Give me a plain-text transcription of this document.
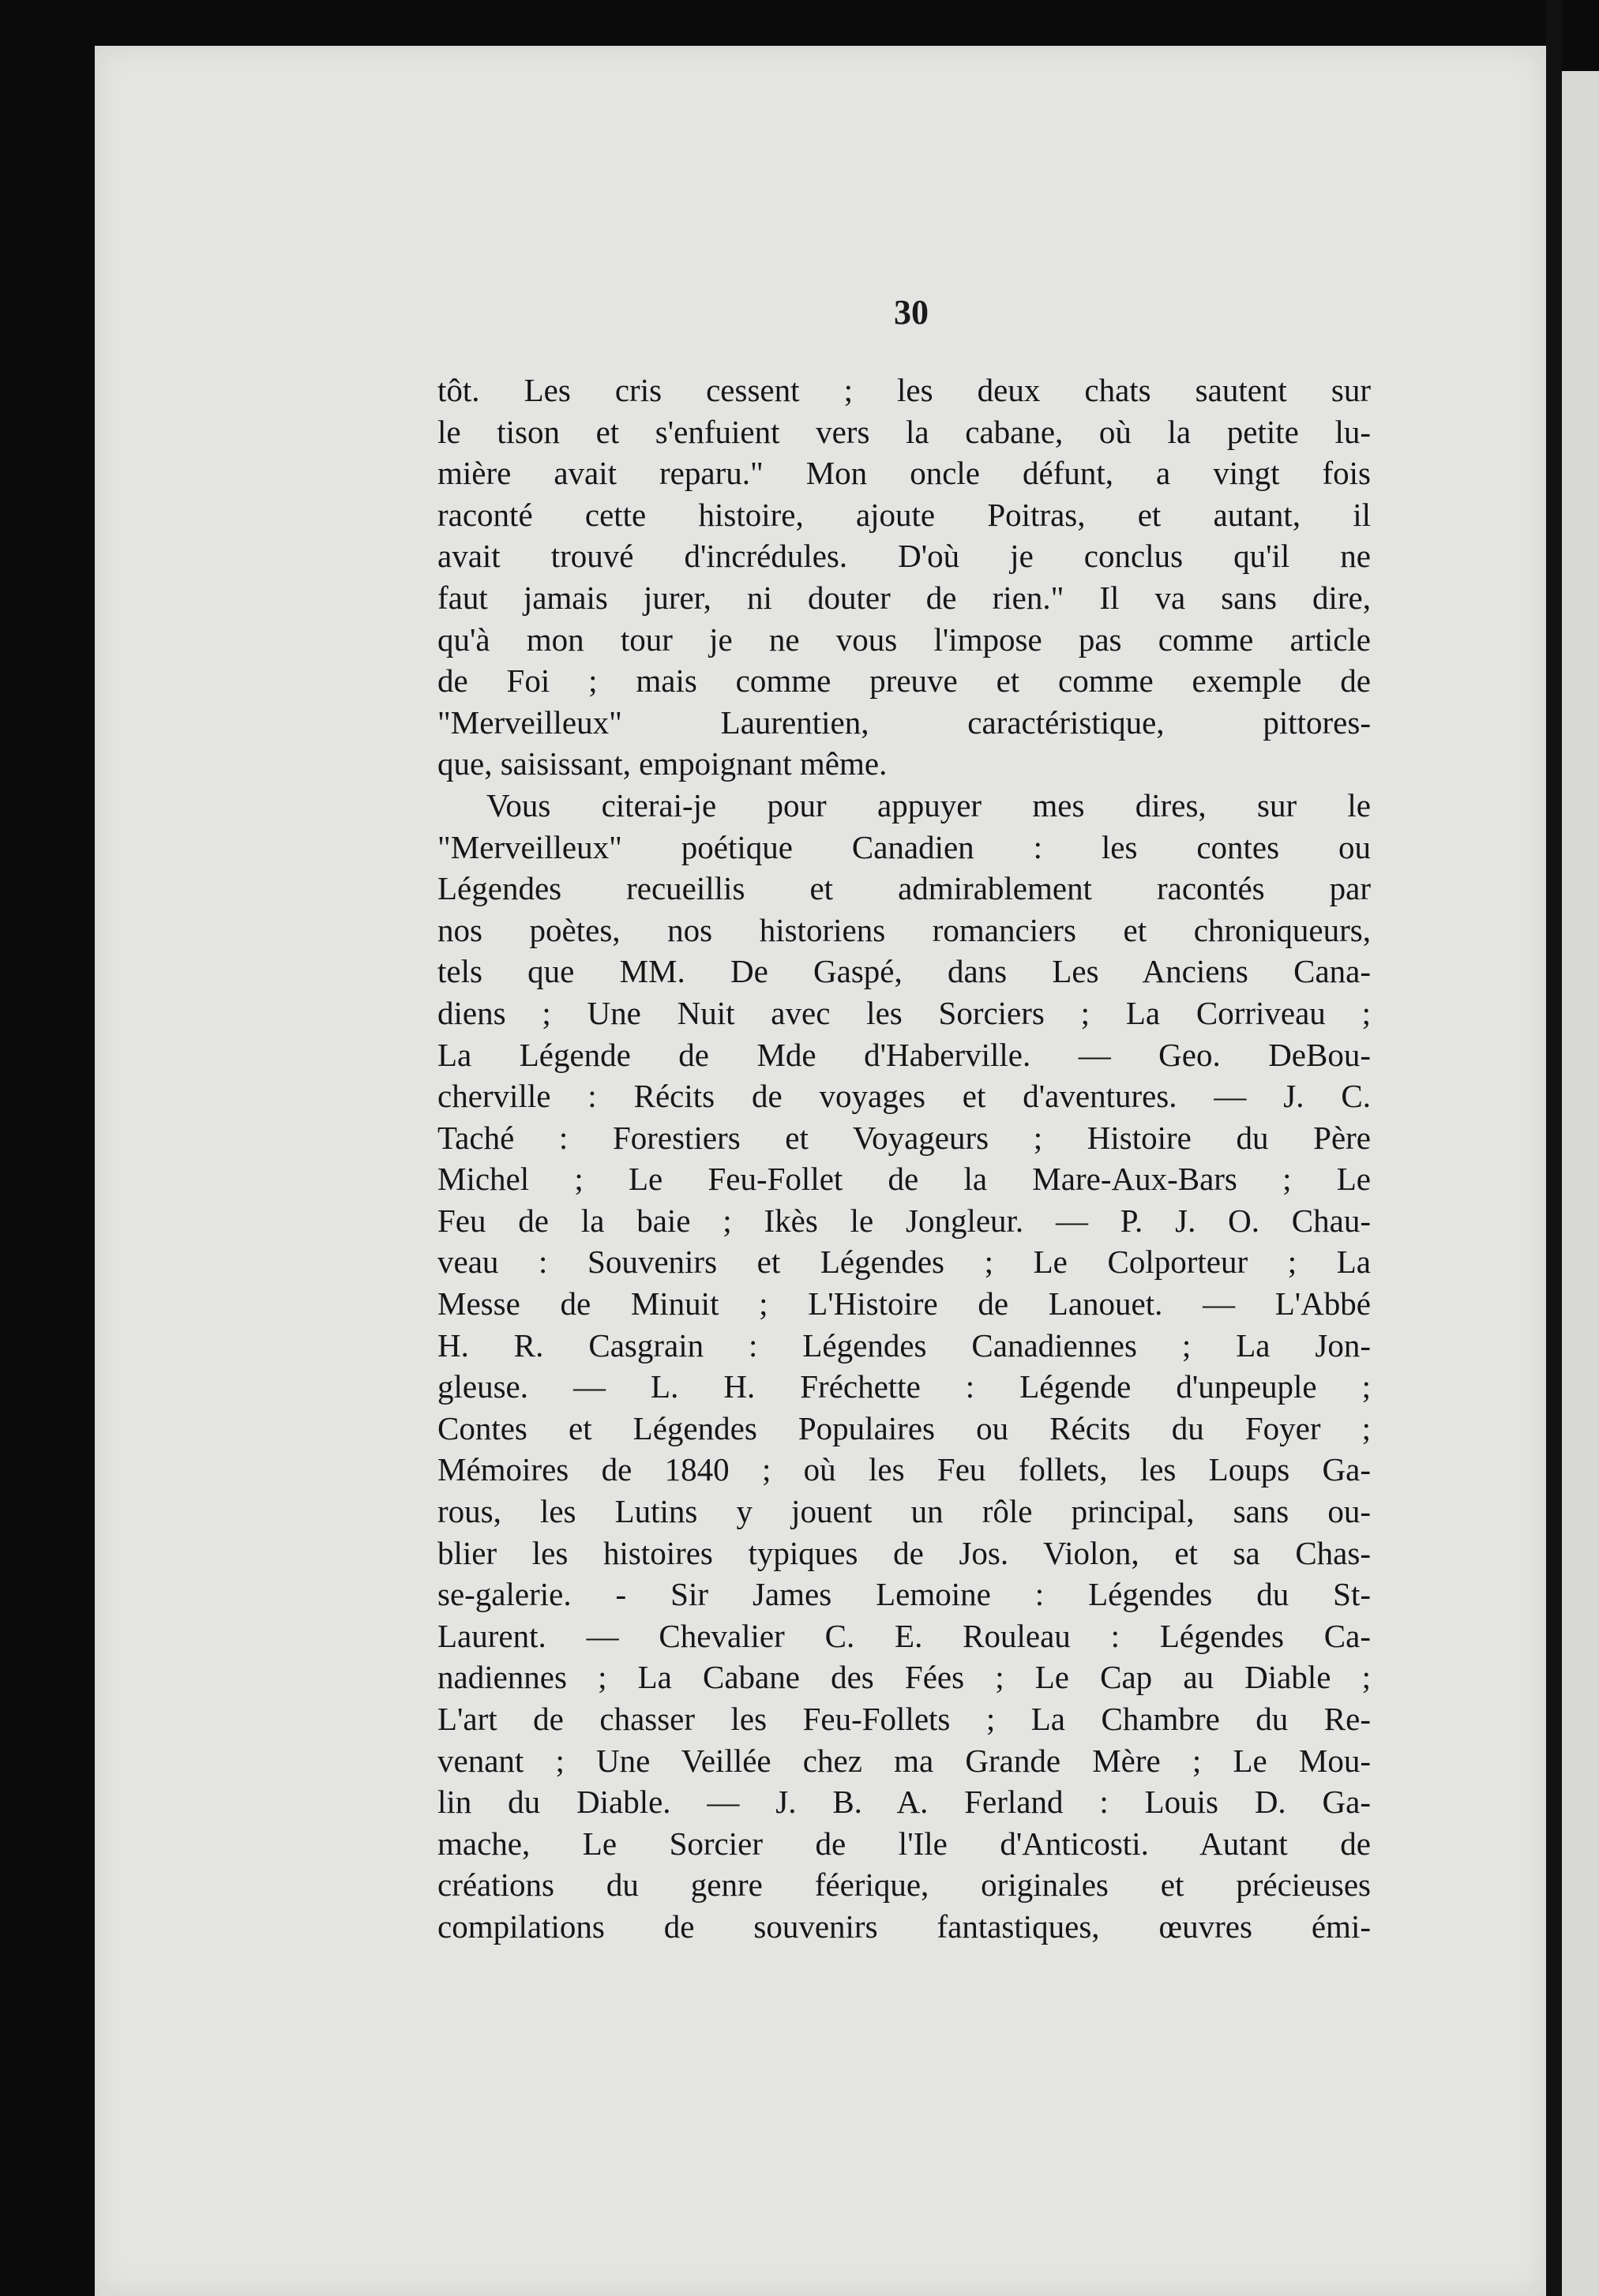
30
tôt. Les cris cessent ; les deux chats sautent sur
le tison et s'enfuient vers la cabane, où la petite lu-
mière avait reparu." Mon oncle défunt, a vingt fois
raconté cette histoire, ajoute Poitras, et autant, il
avait trouvé d'incrédules. D'où je conclus qu'il ne
faut jamais jurer, ni douter de rien." Il va sans dire,
qu'à mon tour je ne vous l'impose pas comme article
de Foi ; mais comme preuve et comme exemple de
"Merveilleux" Laurentien, caractéristique, pittores-
que, saisissant, empoignant même.
Vous citerai-je pour appuyer mes dires, sur le
"Merveilleux" poétique Canadien : les contes ou
Légendes recueillis et admirablement racontés par
nos poètes, nos historiens romanciers et chroniqueurs,
tels que MM. De Gaspé, dans Les Anciens Cana-
diens ; Une Nuit avec les Sorciers ; La Corriveau ;
La Légende de Mde d'Haberville. — Geo. DeBou-
cherville : Récits de voyages et d'aventures. — J. C.
Taché : Forestiers et Voyageurs ; Histoire du Père
Michel ; Le Feu-Follet de la Mare-Aux-Bars ; Le
Feu de la baie ; Ikès le Jongleur. — P. J. O. Chau-
veau : Souvenirs et Légendes ; Le Colporteur ; La
Messe de Minuit ; L'Histoire de Lanouet. — L'Abbé
H. R. Casgrain : Légendes Canadiennes ; La Jon-
gleuse. — L. H. Fréchette : Légende d'unpeuple ;
Contes et Légendes Populaires ou Récits du Foyer ;
Mémoires de 1840 ; où les Feu follets, les Loups Ga-
rous, les Lutins y jouent un rôle principal, sans ou-
blier les histoires typiques de Jos. Violon, et sa Chas-
se-galerie. - Sir James Lemoine : Légendes du St-
Laurent. — Chevalier C. E. Rouleau : Légendes Ca-
nadiennes ; La Cabane des Fées ; Le Cap au Diable ;
L'art de chasser les Feu-Follets ; La Chambre du Re-
venant ; Une Veillée chez ma Grande Mère ; Le Mou-
lin du Diable. — J. B. A. Ferland : Louis D. Ga-
mache, Le Sorcier de l'Ile d'Anticosti. Autant de
créations du genre féerique, originales et précieuses
compilations de souvenirs fantastiques, œuvres émi-
